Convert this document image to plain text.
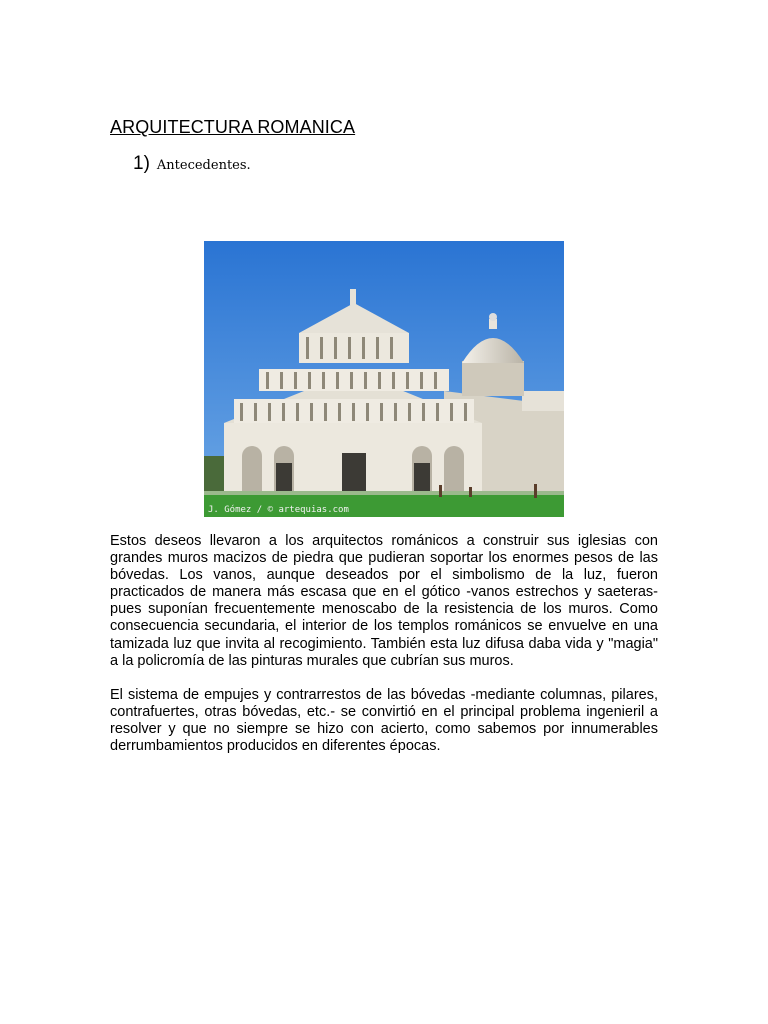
ARQUITECTURA ROMANICA
1) Antecedentes.
J. Gómez / © artequias.com

Estos deseos llevaron a los arquitectos románicos a construir sus iglesias con grandes muros macizos de piedra que pudieran soportar los enormes pesos de las bóvedas. Los vanos, aunque deseados por el simbolismo de la luz, fueron practicados de manera más escasa que en el gótico -vanos estrechos y saeteras- pues suponían frecuentemente menoscabo de la resistencia de los muros. Como consecuencia secundaria, el interior de los templos románicos se envuelve en una tamizada luz que invita al recogimiento. También esta luz difusa daba vida y "magia" a la policromía de las pinturas murales que cubrían sus muros.

El sistema de empujes y contrarrestos de las bóvedas -mediante columnas, pilares, contrafuertes, otras bóvedas, etc.- se convirtió en el principal problema ingenieril a resolver y que no siempre se hizo con acierto, como sabemos por innumerables derrumbamientos producidos en diferentes épocas.
